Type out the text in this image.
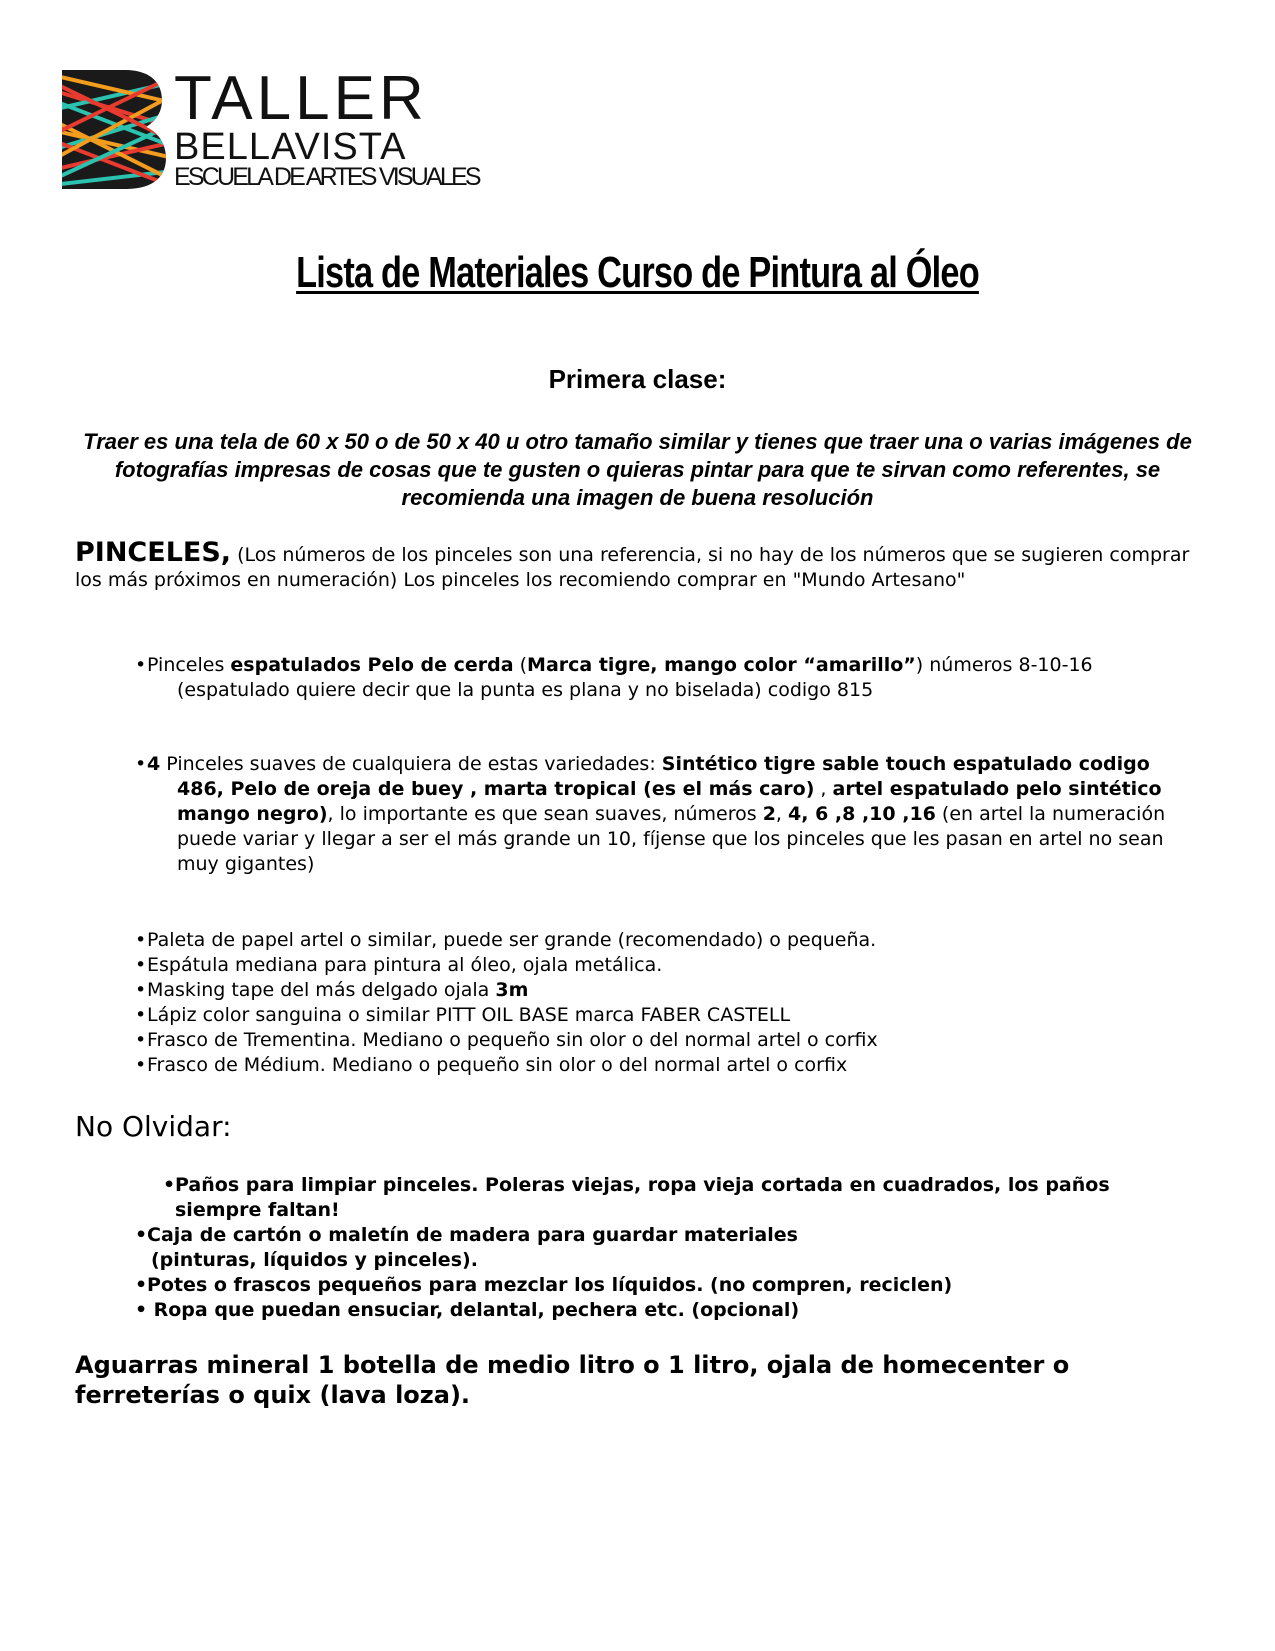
TALLER
BELLAVISTA
ESCUELA DE ARTES VISUALES
Lista de Materiales Curso de Pintura al Óleo
Primera clase:
Traer es una tela de 60 x 50 o de 50 x 40 u otro tamaño similar y tienes que traer una o varias imágenes de fotografías impresas de cosas que te gusten o quieras pintar para que te sirvan como referentes, se recomienda una imagen de buena resolución
PINCELES, (Los números de los pinceles son una referencia, si no hay de los números que se sugieren comprar los más próximos en numeración) Los pinceles los recomiendo comprar en "Mundo Artesano"
•Pinceles espatulados Pelo de cerda (Marca tigre, mango color “amarillo”) números 8-10-16 (espatulado quiere decir que la punta es plana y no biselada) codigo 815
•4 Pinceles suaves de cualquiera de estas variedades: Sintético tigre sable touch espatulado codigo 486, Pelo de oreja de buey , marta tropical (es el más caro) , artel espatulado pelo sintético mango negro), lo importante es que sean suaves, números 2, 4, 6 ,8 ,10 ,16 (en artel la numeración puede variar y llegar a ser el más grande un 10, fíjense que los pinceles que les pasan en artel no sean muy gigantes)
•Paleta de papel artel o similar, puede ser grande (recomendado) o pequeña.
•Espátula mediana para pintura al óleo, ojala metálica.
•Masking tape del más delgado ojala 3m
•Lápiz color sanguina o similar PITT OIL BASE marca FABER CASTELL
•Frasco de Trementina. Mediano o pequeño sin olor o del normal artel o corfix
•Frasco de Médium. Mediano o pequeño sin olor o del normal artel o corfix
No Olvidar:
•Paños para limpiar pinceles. Poleras viejas, ropa vieja cortada en cuadrados, los paños siempre faltan!
•Caja de cartón o maletín de madera para guardar materiales
(pinturas, líquidos y pinceles).
•Potes o frascos pequeños para mezclar los líquidos. (no compren, reciclen)
• Ropa que puedan ensuciar, delantal, pechera etc. (opcional)
Aguarras mineral 1 botella de medio litro o 1 litro, ojala de homecenter o ferreterías o quix (lava loza).
